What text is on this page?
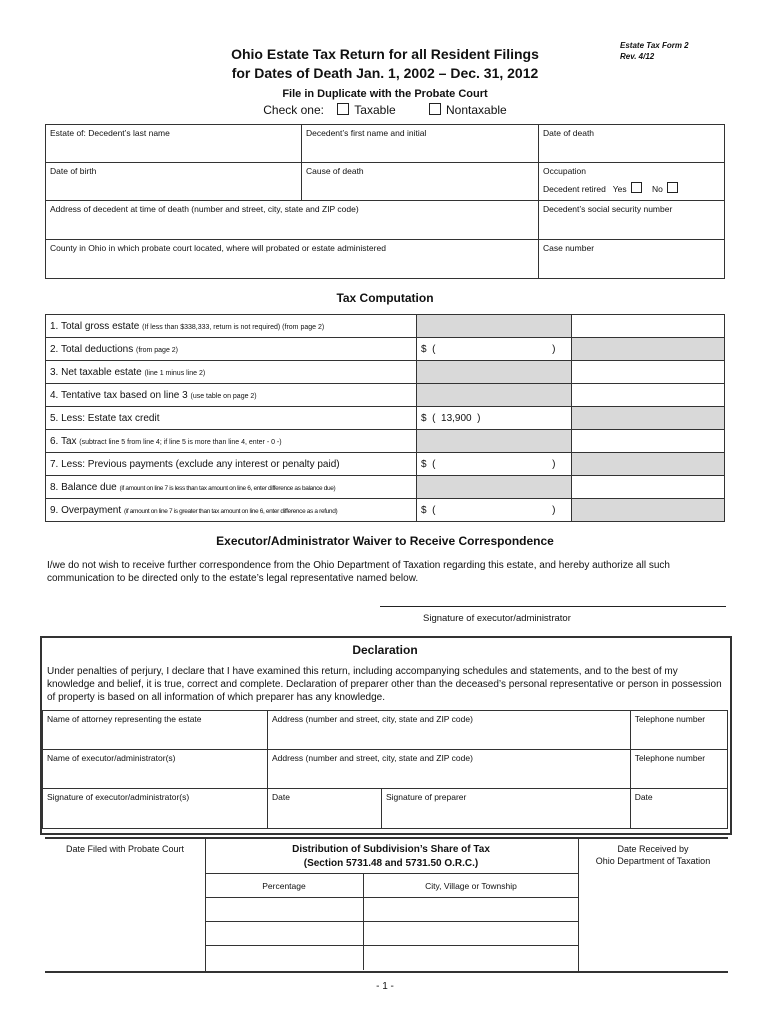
Estate Tax Form 2
Rev. 4/12
Ohio Estate Tax Return for all Resident Filings
for Dates of Death Jan. 1, 2002 – Dec. 31, 2012
File in Duplicate with the Probate Court
Check one:	Taxable	Nontaxable
Estate of: Decedent’s last name	Decedent’s first name and initial	Date of death
Date of birth	Cause of death	Occupation
Decedent retired Yes No

Address of decedent at time of death (number and street, city, state and ZIP code)		Decedent’s social security number
County in Ohio in which probate court located, where will probated or estate administered		Case number
Tax Computation
1. Total gross estate (If less than $338,333, return is not required) (from page 2)		
2. Total deductions (from page 2)	$  (                                          )	
3. Net taxable estate (line 1 minus line 2)		
4. Tentative tax based on line 3 (use table on page 2)		
5. Less: Estate tax credit	$  (  13,900  )	
6. Tax (subtract line 5 from line 4; if line 5 is more than line 4, enter - 0 -)		
7. Less: Previous payments (exclude any interest or penalty paid)	$  (                                          )	
8. Balance due (if amount on line 7 is less than tax amount on line 6, enter difference as balance due)		
9. Overpayment (if amount on line 7 is greater than tax amount on line 6, enter difference as a refund)	$  (                                          )	
Executor/Administrator Waiver to Receive Correspondence
I/we do not wish to receive further correspondence from the Ohio Department of Taxation regarding this estate, and hereby authorize all such communication to be directed only to the estate’s legal representative named below.
Signature of executor/administrator
Declaration
Under penalties of perjury, I declare that I have examined this return, including accompanying schedules and statements, and to the best of my knowledge and belief, it is true, correct and complete. Declaration of preparer other than the deceased’s personal representative or person in possession of property is based on all information of which preparer has any knowledge.
Name of attorney representing the estate	Address (number and street, city, state and ZIP code)		Telephone number
Name of executor/administrator(s)	Address (number and street, city, state and ZIP code)		Telephone number
Signature of executor/administrator(s)	Date	Signature of preparer	Date
Date Filed with Probate Court	Distribution of Subdivision’s Share of Tax
(Section 5731.48 and 5731.50 O.R.C.)
Date Received by
Ohio Department of Taxation
Percentage	City, Village or Township

- 1 -
